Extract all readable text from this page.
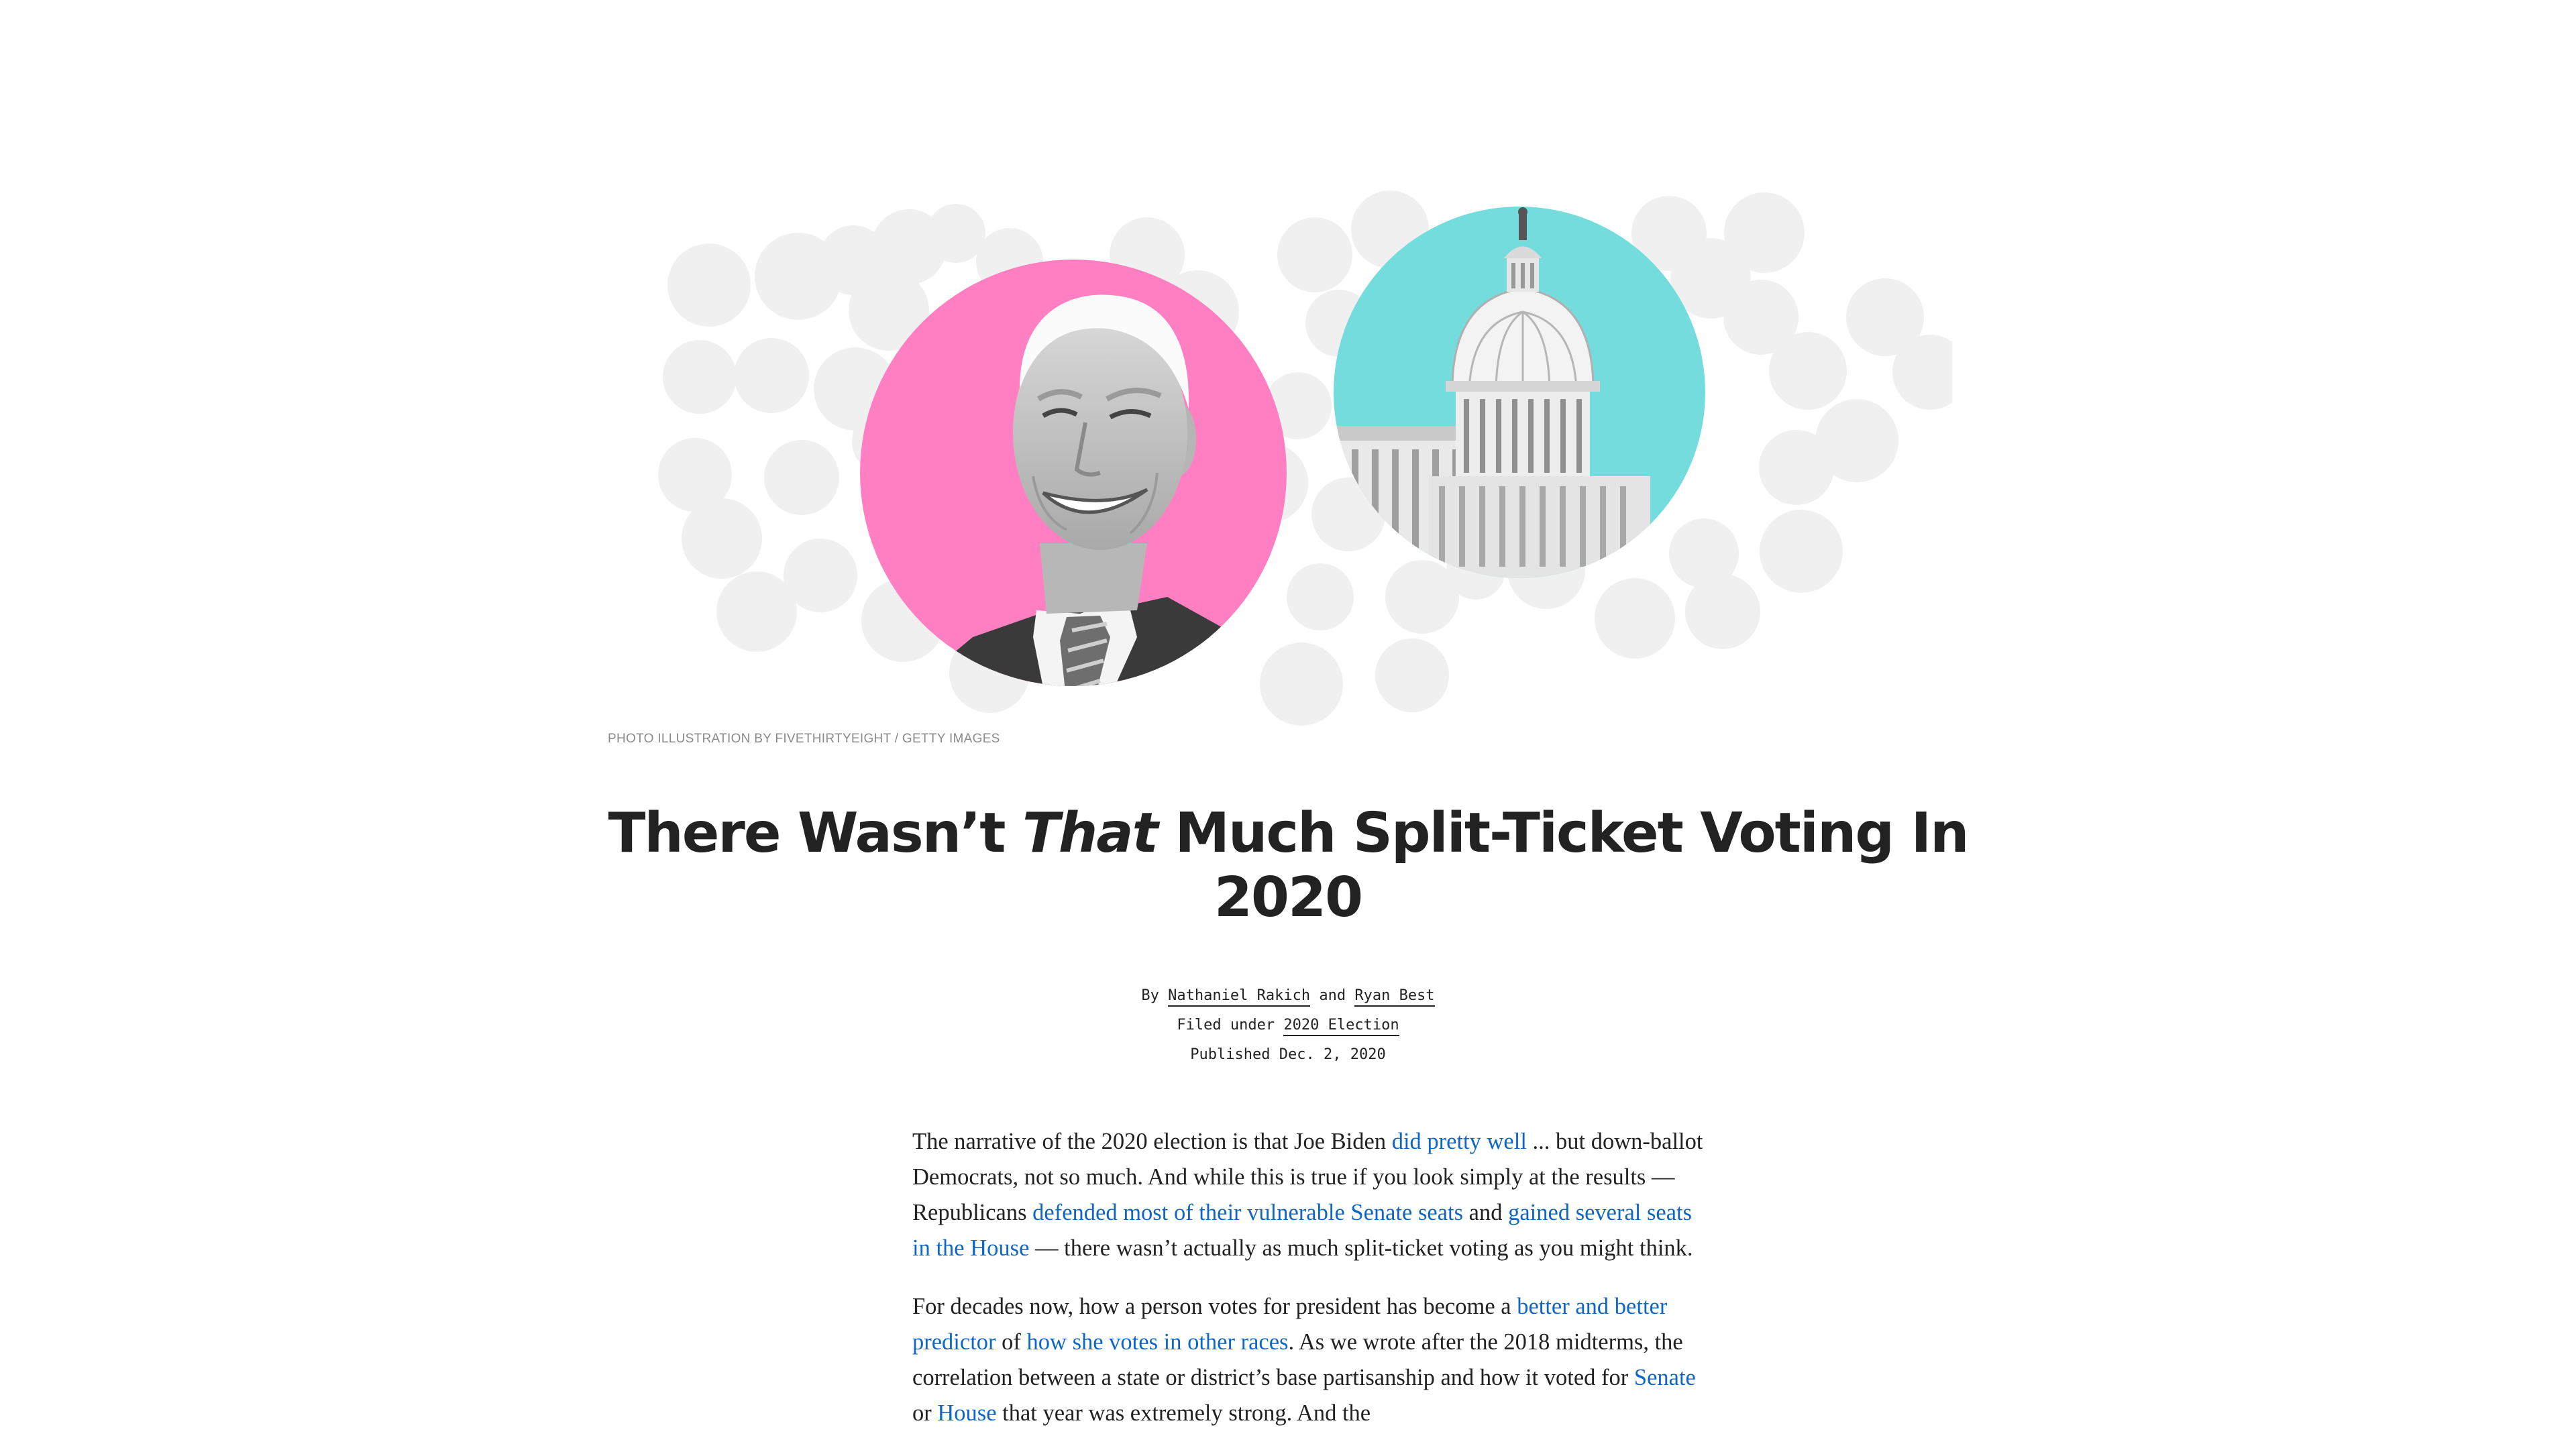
PHOTO ILLUSTRATION BY FIVETHIRTYEIGHT / GETTY IMAGES
There Wasn’t That Much Split-Ticket Voting In 2020
By Nathaniel Rakich and Ryan Best
Filed under 2020 Election
Published Dec. 2, 2020

The narrative of the 2020 election is that Joe Biden did pretty well ... but down-ballot Democrats, not so much. And while this is true if you look simply at the results — Republicans defended most of their vulnerable Senate seats and gained several seats in the House — there wasn’t actually as much split-ticket voting as you might think.

For decades now, how a person votes for president has become a better and better predictor of how she votes in other races. As we wrote after the 2018 midterms, the correlation between a state or district’s base partisanship and how it voted for Senate or House that year was extremely strong. And the
